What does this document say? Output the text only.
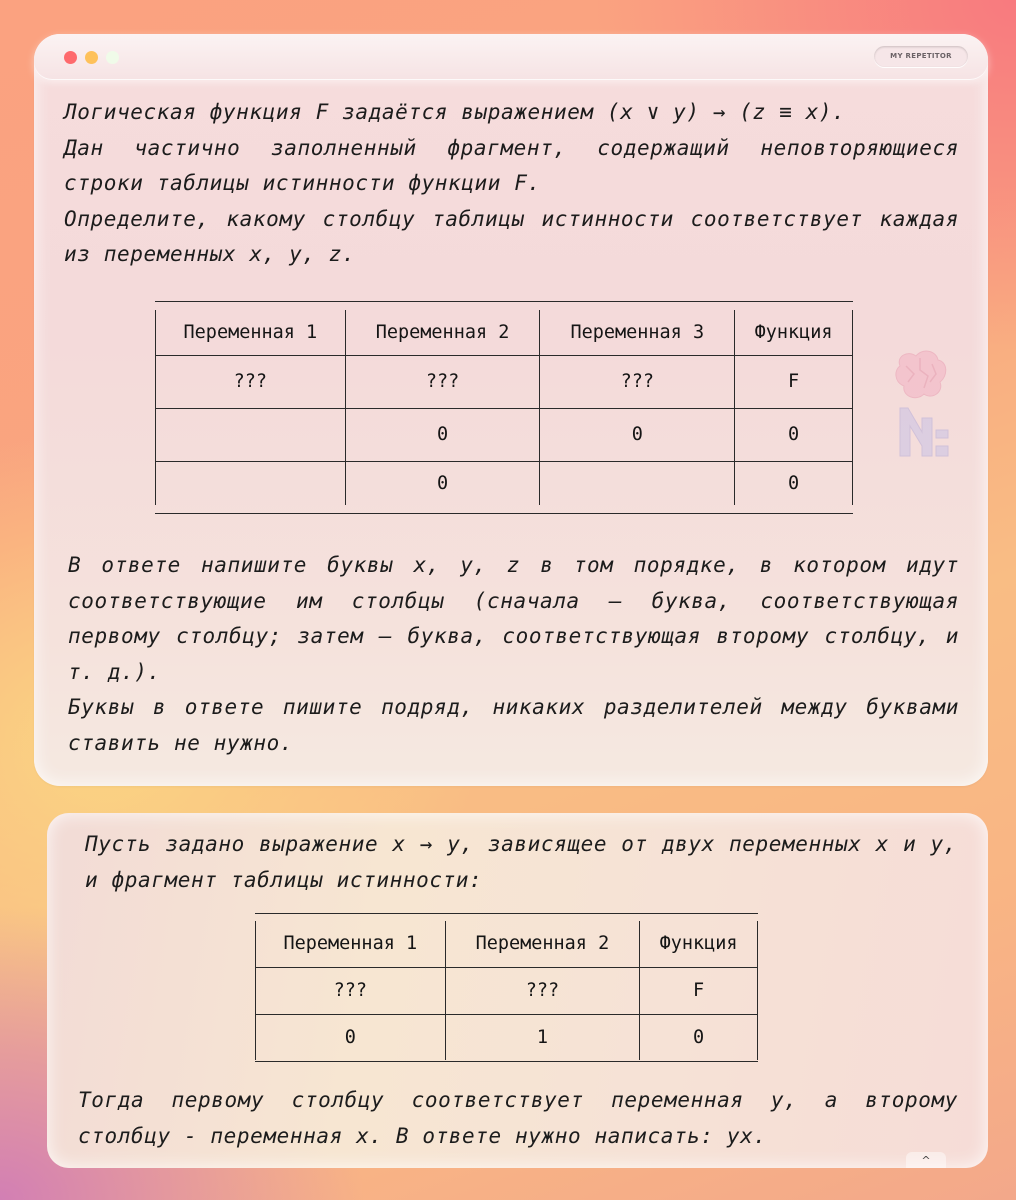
MY REPETITOR

Логическая функция F задаётся выражением (x ∨ y) → (z ≡ x).

Дан частично заполненный фрагмент, содержащий неповторяющиеся строки таблицы истинности функции F.

Определите, какому столбцу таблицы истинности соответствует каждая из переменных x, y, z.

Переменная 1	Переменная 2	Переменная 3	Функция
???	???	???	F
	0	0	0
	0		0

В ответе напишите буквы x, y, z в том порядке, в котором идут соответствующие им столбцы (сначала — буква, соответствующая первому столбцу; затем — буква, соответствующая второму столбцу, и т. д.).

Буквы в ответе пишите подряд, никаких разделителей между буквами ставить не нужно.

Пусть задано выражение x → y, зависящее от двух переменных x и y, и фрагмент таблицы истинности:
Переменная 1	Переменная 2	Функция
???	???	F
0	1	0
Тогда первому столбцу соответствует переменная y, а второму столбцу - переменная x. В ответе нужно написать: yx.
^
